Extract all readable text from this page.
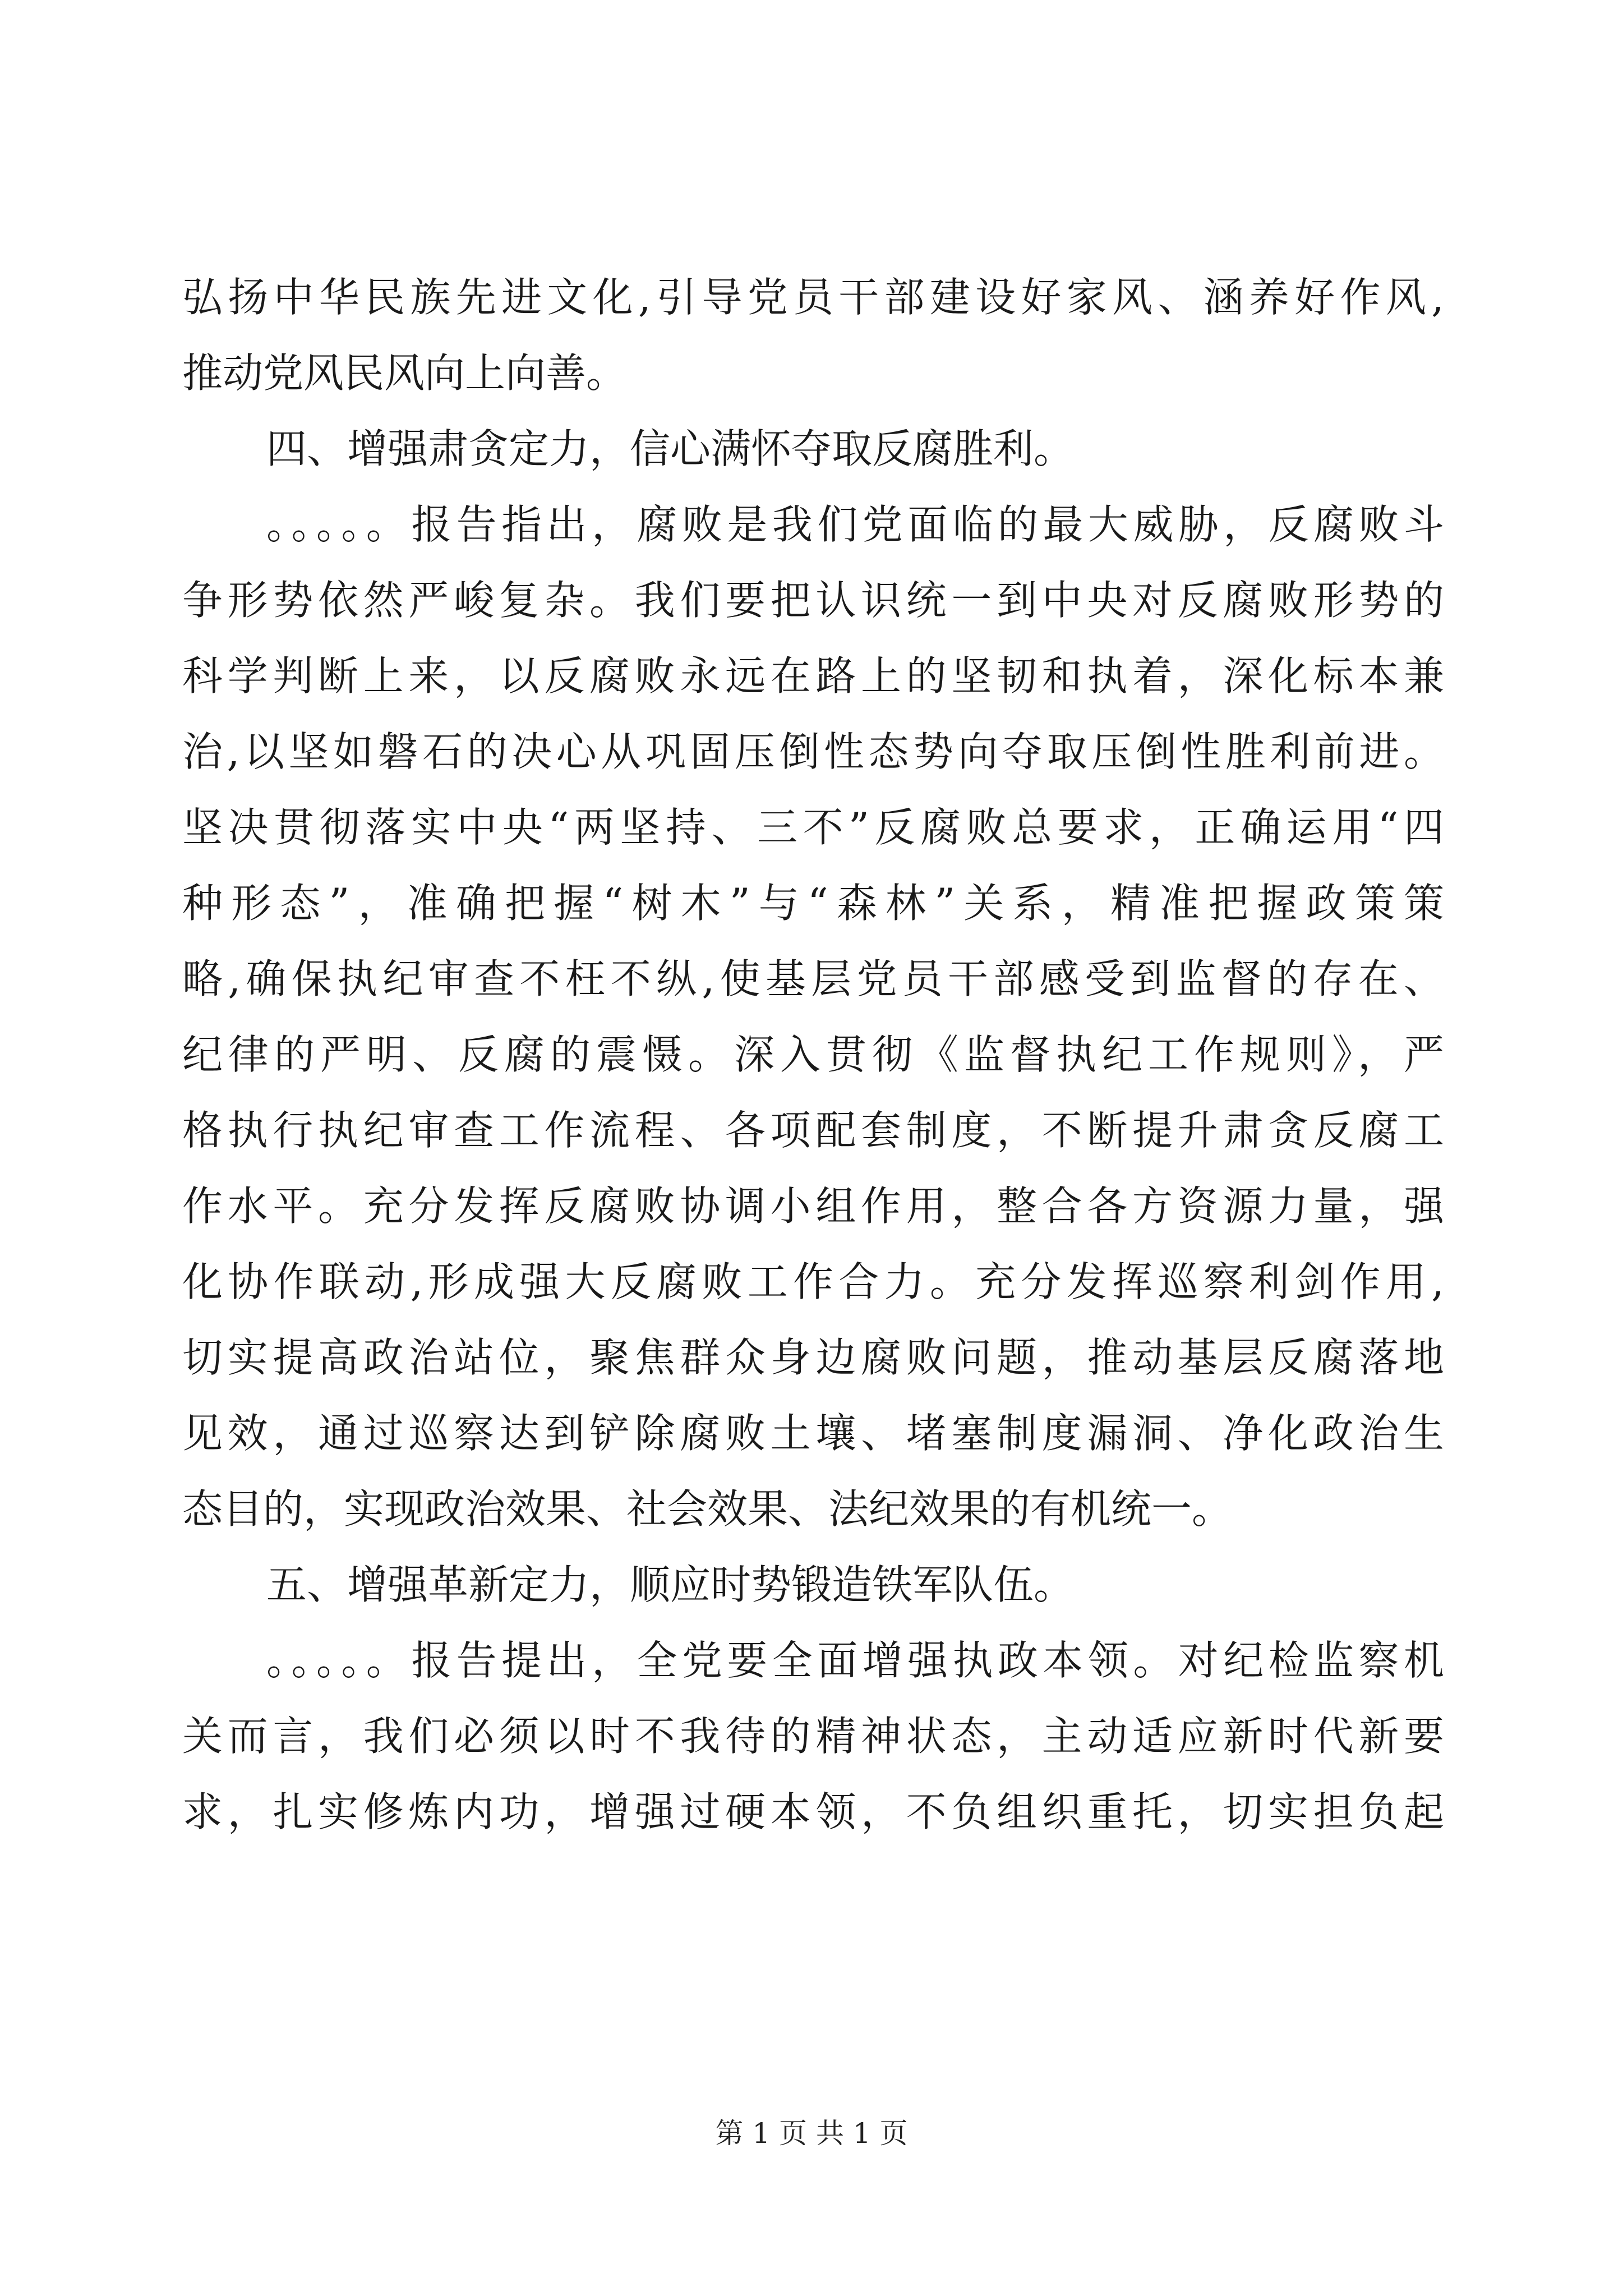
弘扬中华民族先进文化,引导党员干部建设好家风、涵养好作风,
推动党风民风向上向善。
四、增强肃贪定力，信心满怀夺取反腐胜利。
。。。。。报告指出，腐败是我们党面临的最大威胁，反腐败斗
争形势依然严峻复杂。我们要把认识统一到中央对反腐败形势的
科学判断上来，以反腐败永远在路上的坚韧和执着，深化标本兼
治,以坚如磐石的决心从巩固压倒性态势向夺取压倒性胜利前进。
坚决贯彻落实中央“两坚持、三不”反腐败总要求，正确运用“四
种形态”，准确把握“树木”与“森林”关系，精准把握政策策
略,确保执纪审查不枉不纵,使基层党员干部感受到监督的存在、
纪律的严明、反腐的震慑。深入贯彻《监督执纪工作规则》，严
格执行执纪审查工作流程、各项配套制度，不断提升肃贪反腐工
作水平。充分发挥反腐败协调小组作用，整合各方资源力量，强
化协作联动,形成强大反腐败工作合力。充分发挥巡察利剑作用,
切实提高政治站位，聚焦群众身边腐败问题，推动基层反腐落地
见效，通过巡察达到铲除腐败土壤、堵塞制度漏洞、净化政治生
态目的，实现政治效果、社会效果、法纪效果的有机统一。
五、增强革新定力，顺应时势锻造铁军队伍。
。。。。。报告提出，全党要全面增强执政本领。对纪检监察机
关而言，我们必须以时不我待的精神状态，主动适应新时代新要
求，扎实修炼内功，增强过硬本领，不负组织重托，切实担负起
第 1 页 共 1 页
